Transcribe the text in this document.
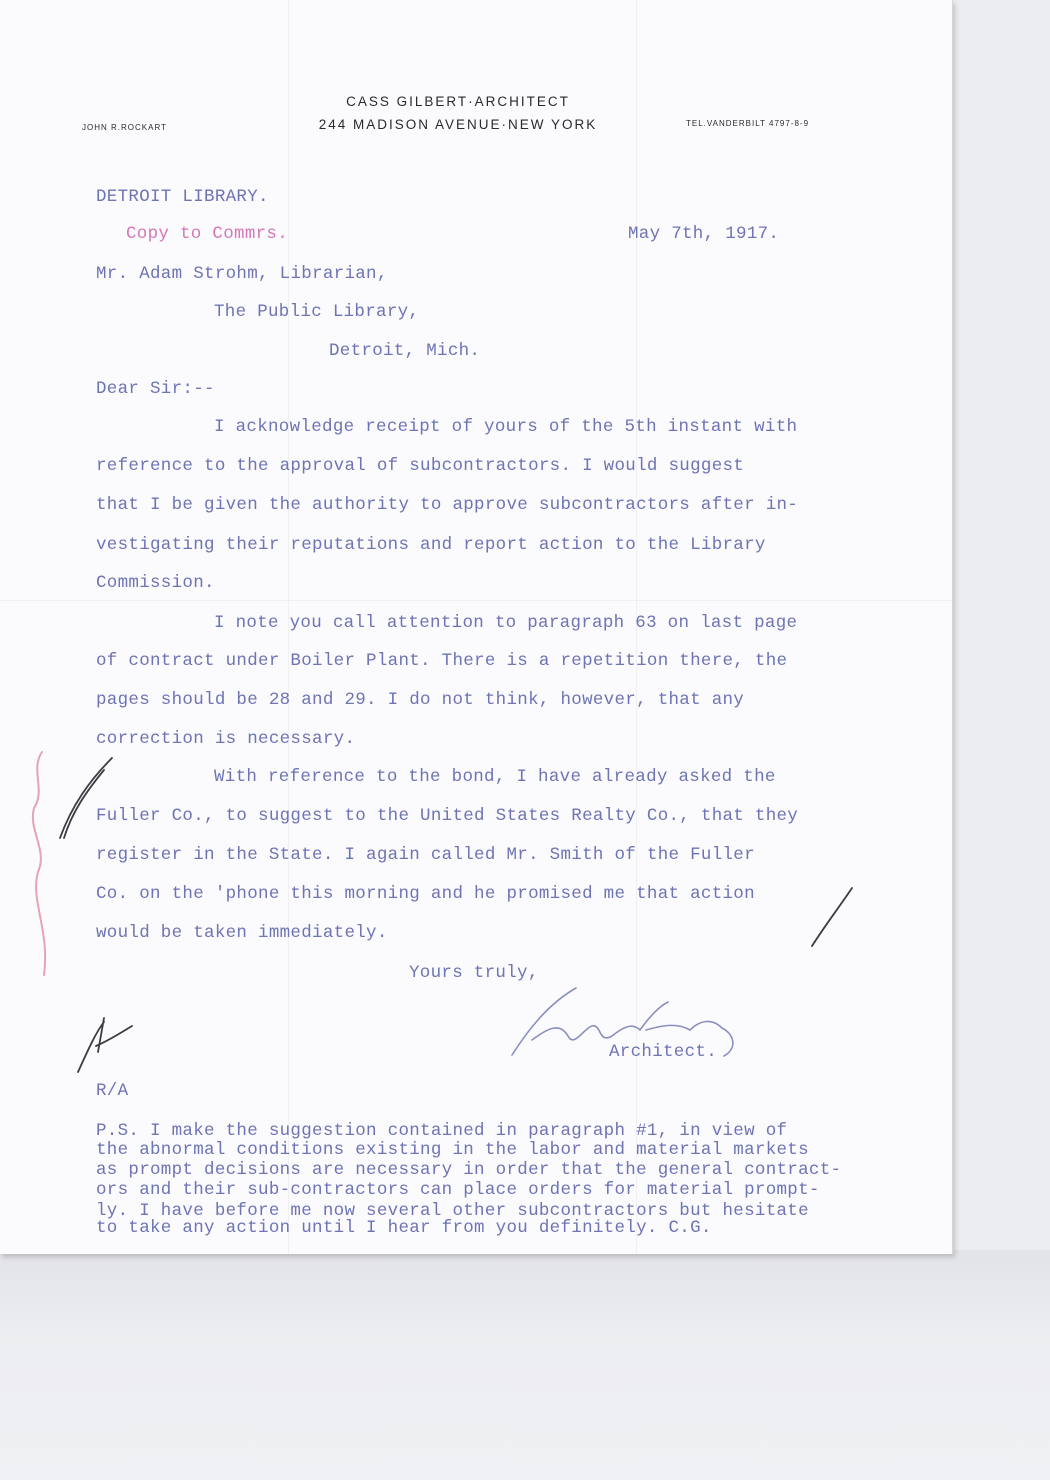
CASS GILBERT·ARCHITECT
244 MADISON AVENUE·NEW YORK
JOHN R.ROCKART	TEL.VANDERBILT 4797-8-9
DETROIT LIBRARY.
Copy to Commrs.	May 7th, 1917.
Mr. Adam Strohm, Librarian,
The Public Library,
Detroit, Mich.
Dear Sir:--
I acknowledge receipt of yours of the 5th instant with
reference to the approval of subcontractors. I would suggest
that I be given the authority to approve subcontractors after in-
vestigating their reputations and report action to the Library
Commission.
I note you call attention to paragraph 63 on last page
of contract under Boiler Plant. There is a repetition there, the
pages should be 28 and 29. I do not think, however, that any
correction is necessary.
With reference to the bond, I have already asked the
Fuller Co., to suggest to the United States Realty Co., that they
register in the State. I again called Mr. Smith of the Fuller
Co. on the 'phone this morning and he promised me that action
would be taken immediately.
Yours truly,
Architect.
R/A
P.S. I make the suggestion contained in paragraph #1, in view of
the abnormal conditions existing in the labor and material markets
as prompt decisions are necessary in order that the general contract-
ors and their sub-contractors can place orders for material prompt-
ly. I have before me now several other subcontractors but hesitate
to take any action until I hear from you definitely. C.G.
